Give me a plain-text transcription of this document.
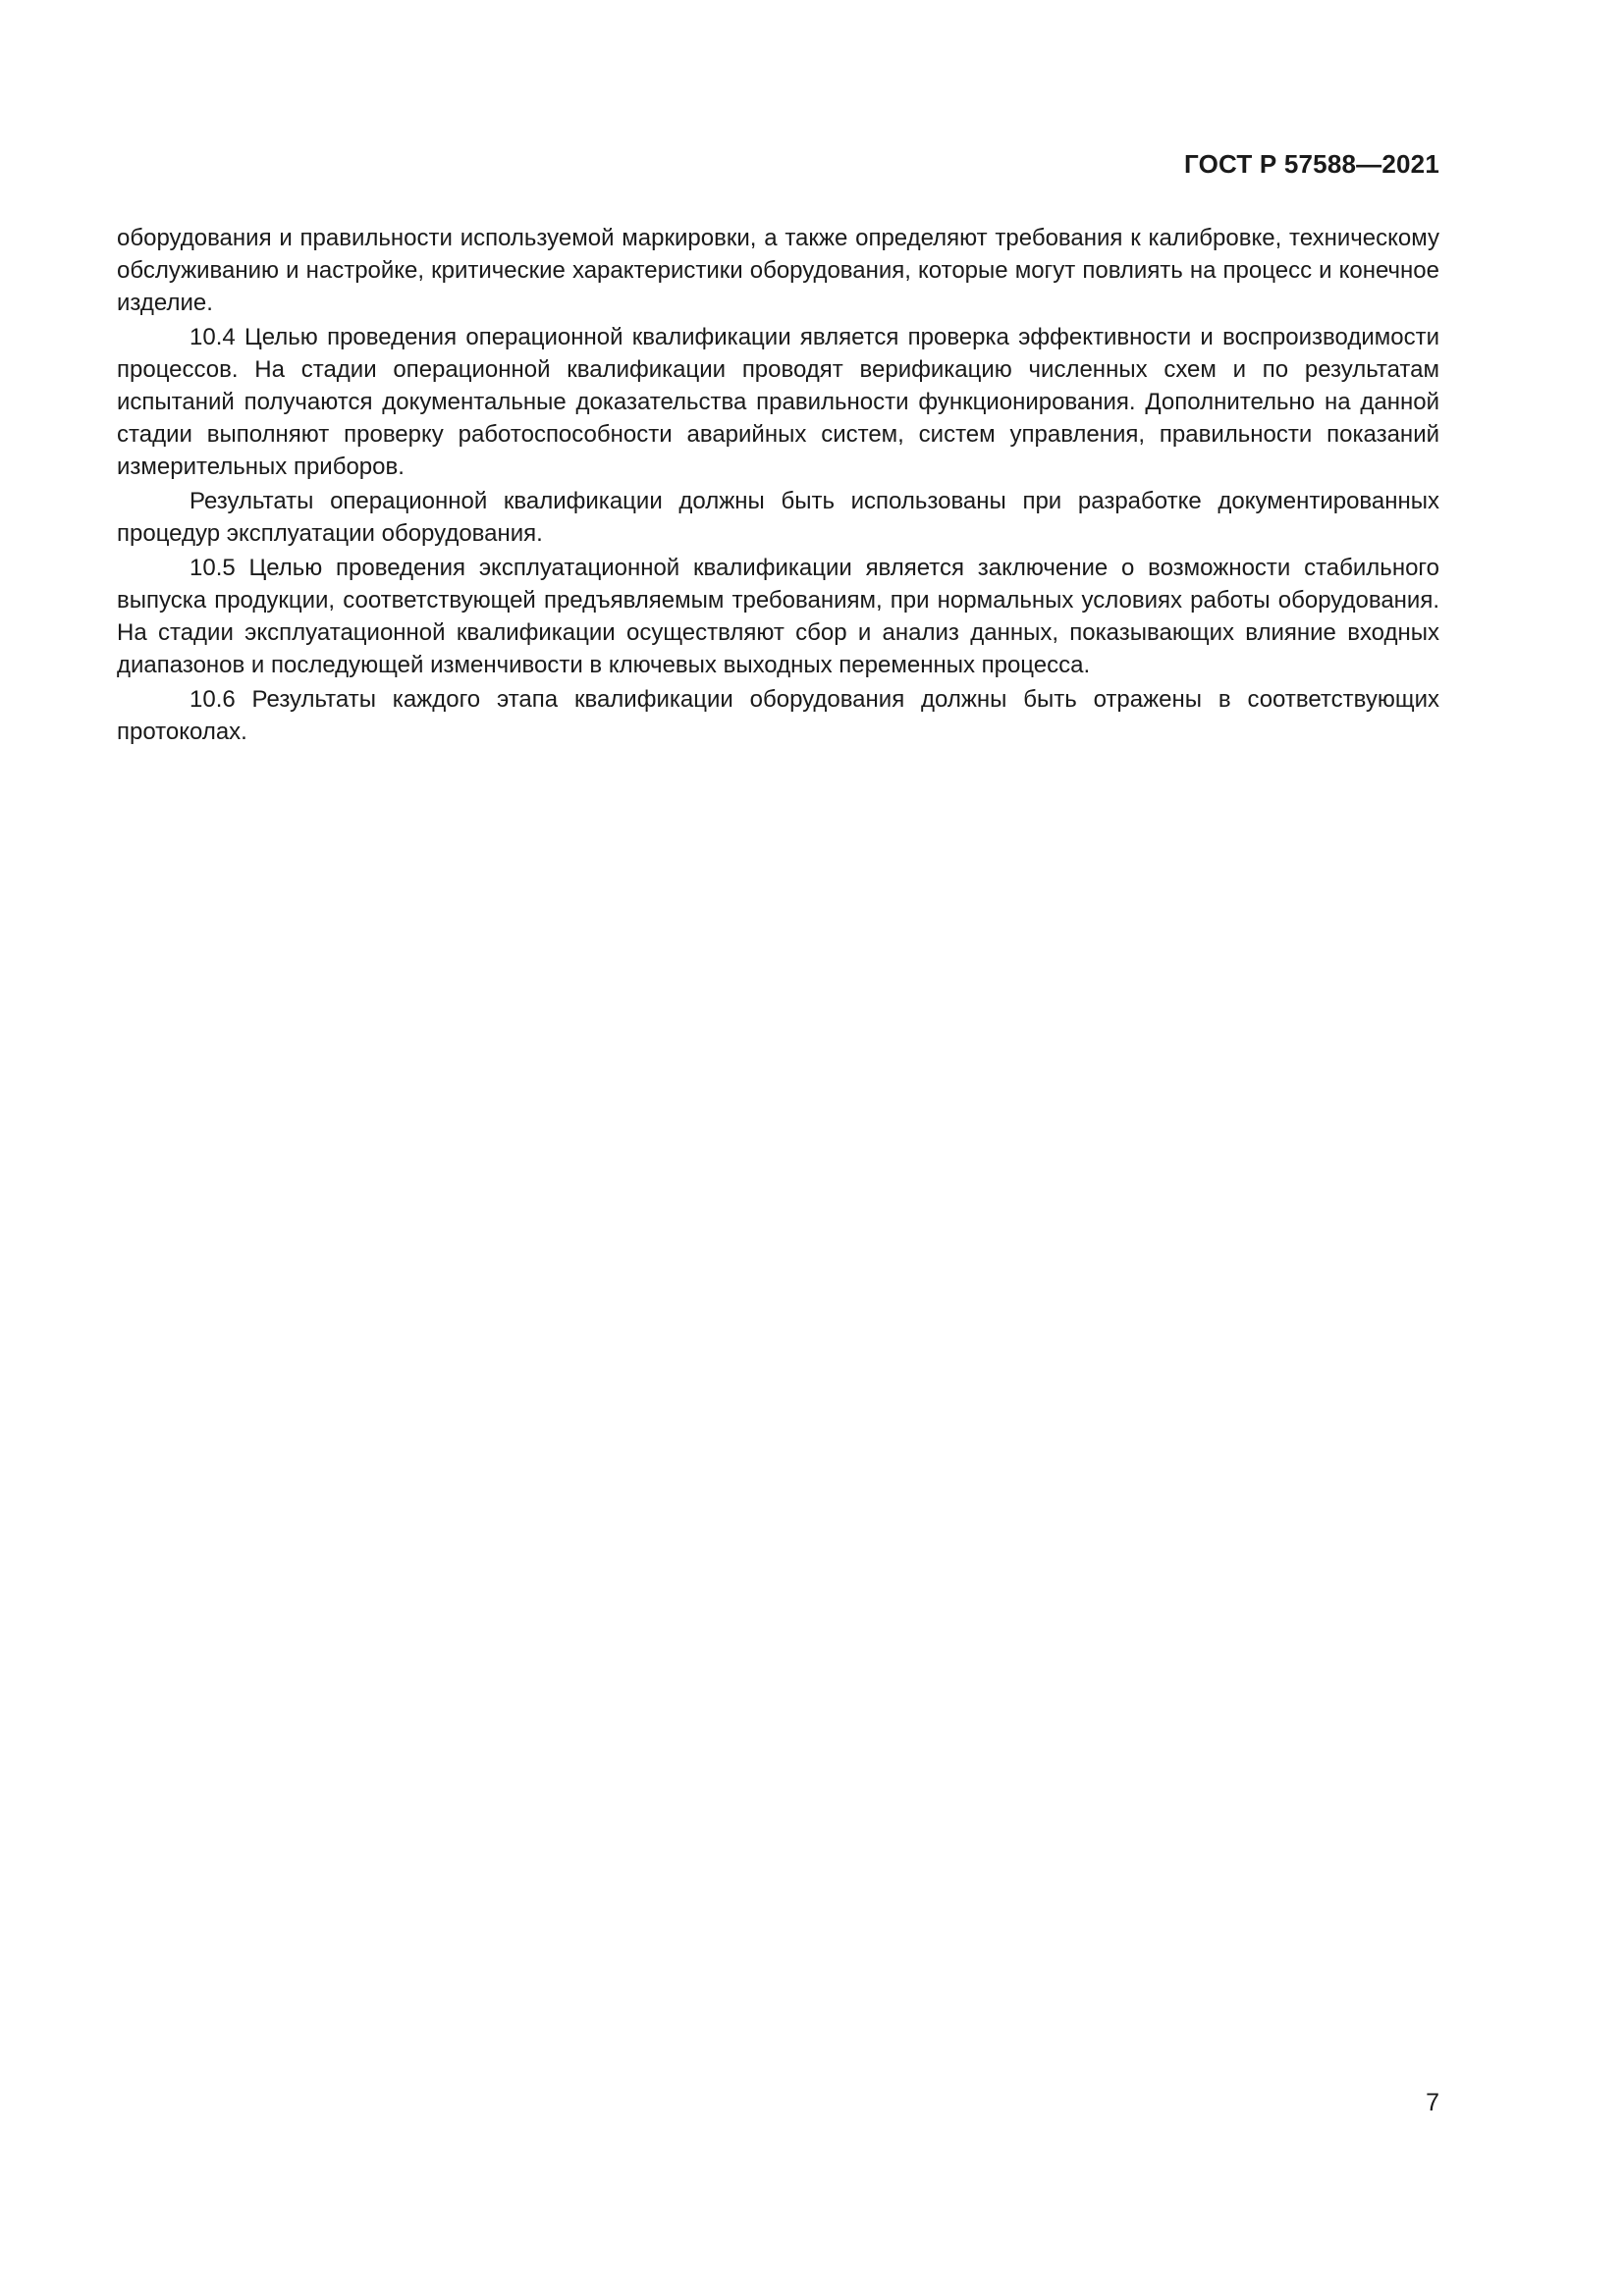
ГОСТ Р 57588—2021

оборудования и правильности используемой маркировки, а также определяют требования к калибровке, техническому обслуживанию и настройке, критические характеристики оборудования, которые могут повлиять на процесс и конечное изделие.

10.4 Целью проведения операционной квалификации является проверка эффективности и воспроизводимости процессов. На стадии операционной квалификации проводят верификацию численных схем и по результатам испытаний получаются документальные доказательства правильности функционирования. Дополнительно на данной стадии выполняют проверку работоспособности аварийных систем, систем управления, правильности показаний измерительных приборов.

Результаты операционной квалификации должны быть использованы при разработке документированных процедур эксплуатации оборудования.

10.5 Целью проведения эксплуатационной квалификации является заключение о возможности стабильного выпуска продукции, соответствующей предъявляемым требованиям, при нормальных условиях работы оборудования. На стадии эксплуатационной квалификации осуществляют сбор и анализ данных, показывающих влияние входных диапазонов и последующей изменчивости в ключевых выходных переменных процесса.

10.6 Результаты каждого этапа квалификации оборудования должны быть отражены в соответствующих протоколах.

7
